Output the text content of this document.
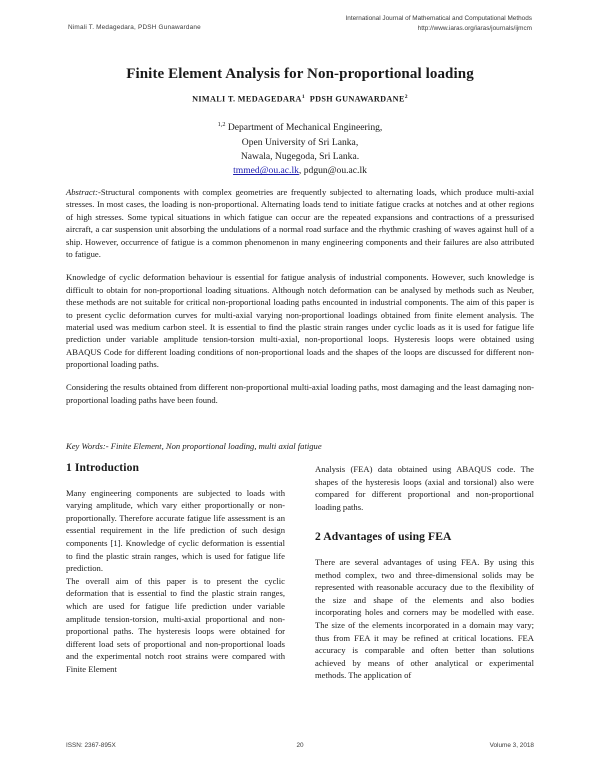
Nimali T. Medagedara, PDSH Gunawardane
International Journal of Mathematical and Computational Methods
http://www.iaras.org/iaras/journals/ijmcm
Finite Element Analysis for Non-proportional loading
NIMALI T. MEDAGEDARA$^1$ PDSH GUNAWARDANE$^2$
$^{1,2}$ Department of Mechanical Engineering,
Open University of Sri Lanka,
Nawala, Nugegoda, Sri Lanka.
tmmed@ou.ac.lk, pdgun@ou.ac.lk

Abstract:-Structural components with complex geometries are frequently subjected to alternating loads, which produce multi-axial stresses. In most cases, the loading is non-proportional. Alternating loads tend to initiate fatigue cracks at notches and at other regions of high stresses. Some typical situations in which fatigue can occur are the repeated expansions and contractions of a pressurised aircraft, a car suspension unit absorbing the undulations of a normal road surface and the rhythmic crashing of waves against hull of a ship. However, occurrence of fatigue is a common phenomenon in many engineering components and their failures are also attributed to fatigue.

Knowledge of cyclic deformation behaviour is essential for fatigue analysis of industrial components. However, such knowledge is difficult to obtain for non-proportional loading situations. Although notch deformation can be analysed by methods such as Neuber, these methods are not suitable for critical non-proportional loading paths encounted in industrial components. The aim of this paper is to present cyclic deformation curves for multi-axial varying non-proportional loadings obtained from finite element analysis. The material used was medium carbon steel. It is essential to find the plastic strain ranges under cyclic loads as it is used for fatigue life prediction under variable amplitude tension-torsion multi-axial, non-proportional loops. Hysteresis loops were obtained using ABAQUS Code for different loading conditions of non-proportional loads and the shapes of the loops are discussed for different non-proportional loading paths.

Considering the results obtained from different non-proportional multi-axial loading paths, most damaging and the least damaging non-proportional loading paths have been found.

Key Words:- Finite Element, Non proportional loading, multi axial fatigue
1 Introduction

Many engineering components are subjected to loads with varying amplitude, which vary either proportionally or non-proportionally. Therefore accurate fatigue life assessment is an essential requirement in the life prediction of such design components [1]. Knowledge of cyclic deformation is essential to find the plastic strain ranges, which is used for fatigue life prediction.

The overall aim of this paper is to present the cyclic deformation that is essential to find the plastic strain ranges, which are used for fatigue life prediction under variable amplitude tension-torsion, multi-axial proportional and non-proportional paths. The hysteresis loops were obtained for different load sets of proportional and non-proportional loads and the experimental notch root strains were compared with Finite Element

Analysis (FEA) data obtained using ABAQUS code. The shapes of the hysteresis loops (axial and torsional) also were compared for different proportional and non-proportional loading paths.

2 Advantages of using FEA

There are several advantages of using FEA. By using this method complex, two and three-dimensional solids may be represented with reasonable accuracy due to the flexibility of the size and shape of the elements and also bodies incorporating holes and corners may be modelled with ease. The size of the elements incorporated in a domain may vary; thus from FEA it may be refined at critical locations. FEA accuracy is comparable and often better than solutions achieved by means of other analytical or experimental methods. The application of

ISSN: 2367-895X	20	Volume 3, 2018
